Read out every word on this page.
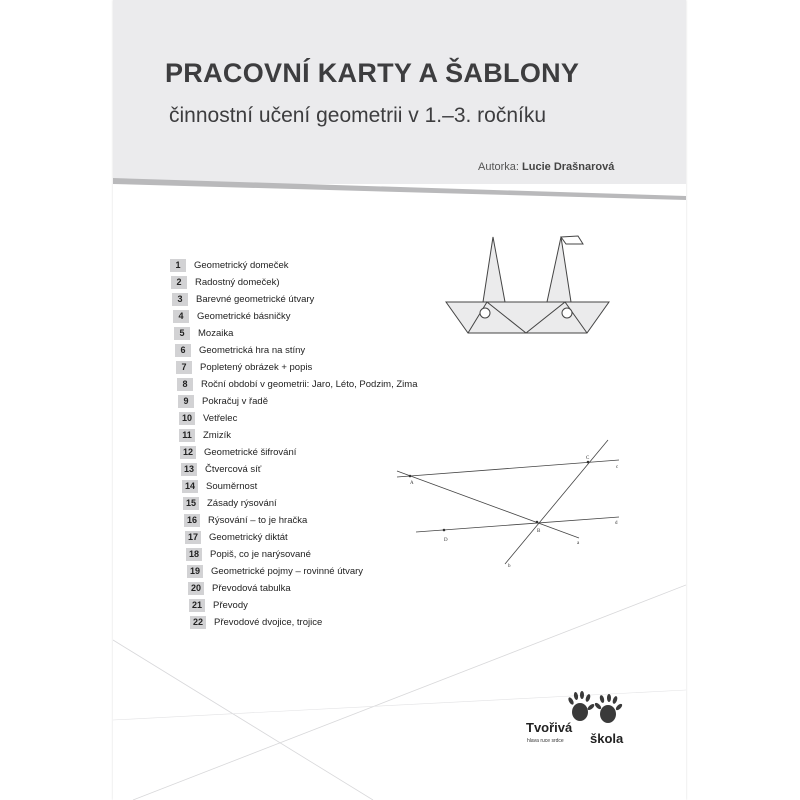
PRACOVNÍ KARTY A ŠABLONY
činnostní učení geometrii v 1.–3. ročníku
Autorka: Lucie Drašnarová
A
C
B
D
a
b
c
d
1	Geometrický domeček
2	Radostný domeček)
3	Barevné geometrické útvary
4	Geometrické básničky
5	Mozaika
6	Geometrická hra na stíny
7	Popletený obrázek + popis
8	Roční období v geometrii: Jaro, Léto, Podzim, Zima
9	Pokračuj v řadě
10	Vetřelec
11	Zmizík
12	Geometrické šifrování
13	Čtvercová síť
14	Souměrnost
15	Zásady rýsování
16	Rýsování – to je hračka
17	Geometrický diktát
18	Popiš, co je narýsované
19	Geometrické pojmy – rovinné útvary
20	Převodová tabulka
21	Převody
22	Převodové dvojice, trojice
Tvořivá
škola
hlava ruce srdce
